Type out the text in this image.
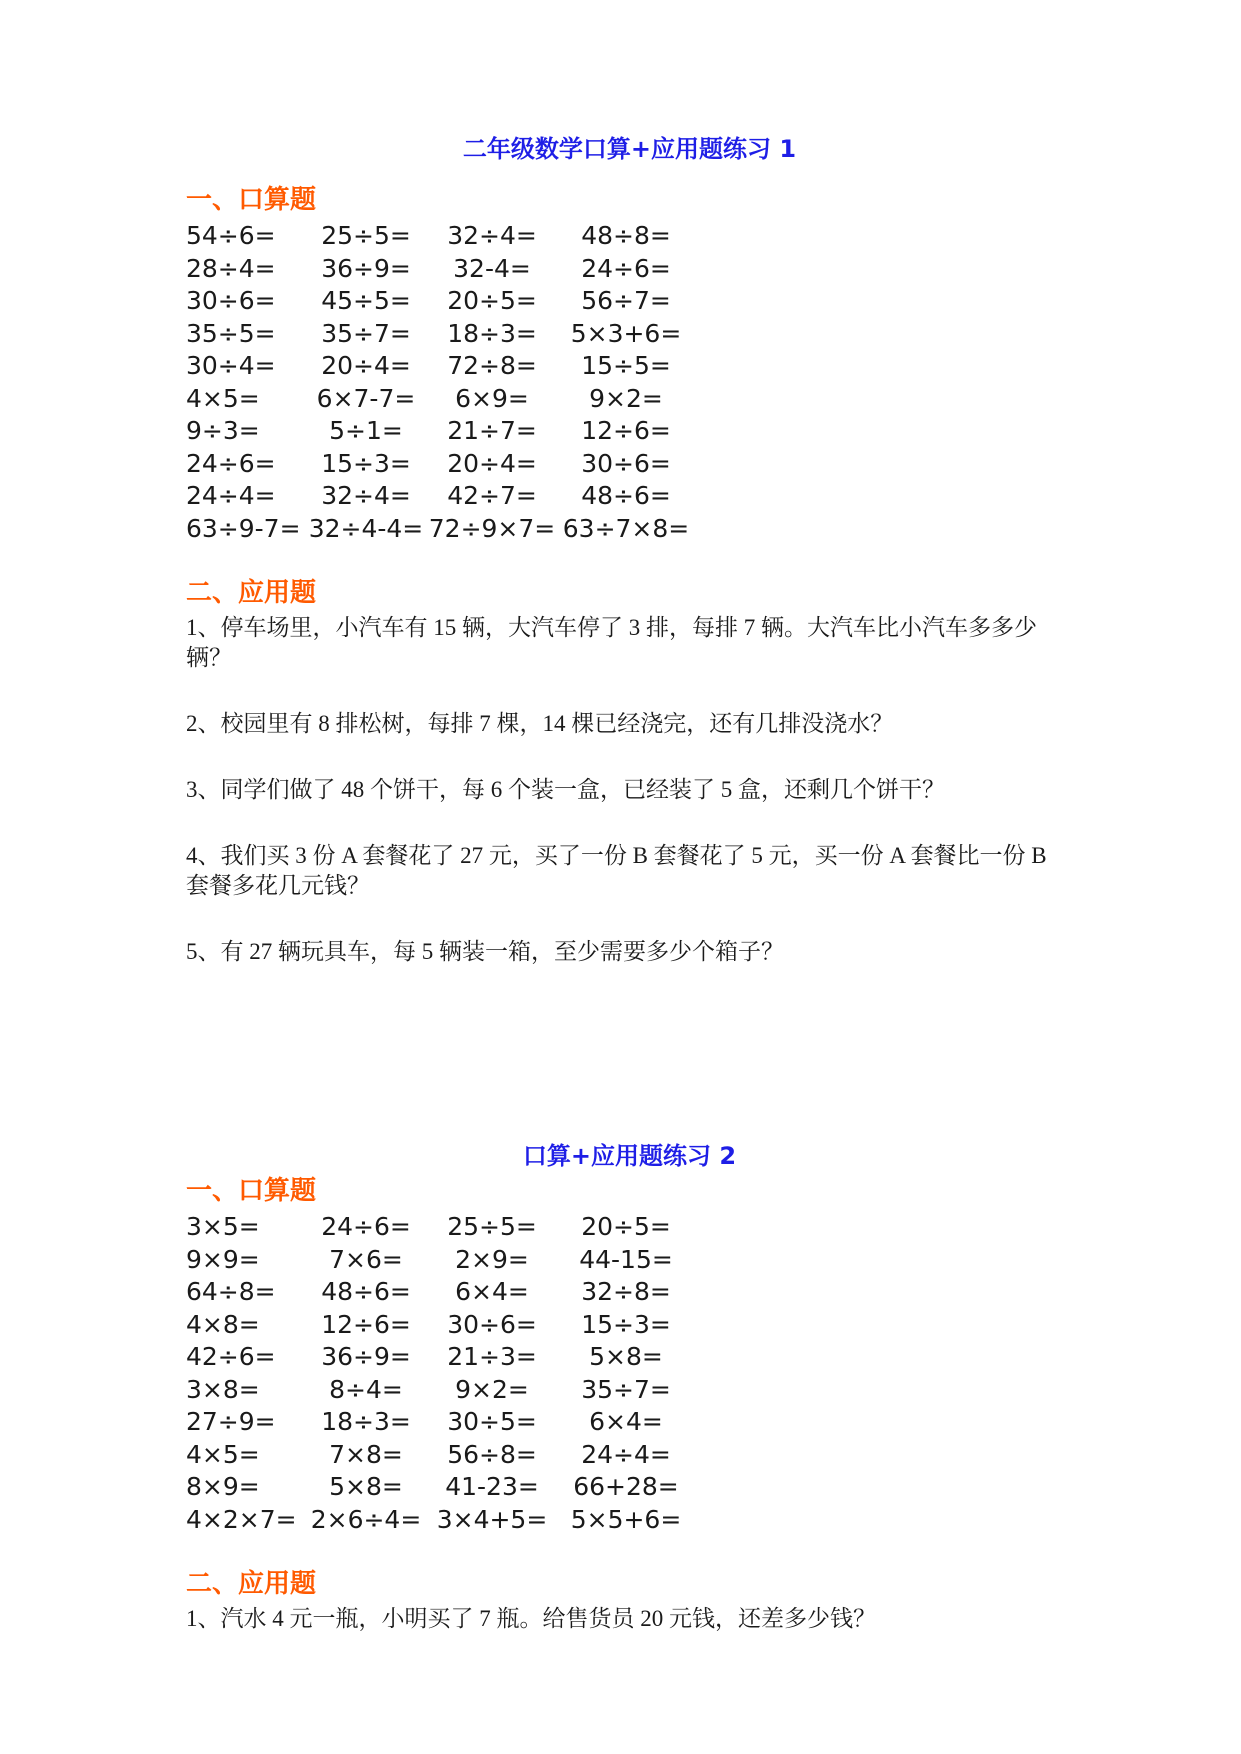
二年级数学口算+应用题练习 1
一、口算题
54÷6=	25÷5=	32÷4=	48÷8=
28÷4=	36÷9=	32-4=	24÷6=
30÷6=	45÷5=	20÷5=	56÷7=
35÷5=	35÷7=	18÷3=	5×3+6=
30÷4=	20÷4=	72÷8=	15÷5=
4×5=	6×7-7=	6×9=	9×2=
9÷3=	5÷1=	21÷7=	12÷6=
24÷6=	15÷3=	20÷4=	30÷6=
24÷4=	32÷4=	42÷7=	48÷6=
63÷9-7= 32÷4-4= 72÷9×7= 63÷7×8=
二、应用题

1、停车场里，小汽车有 15 辆，大汽车停了 3 排，每排 7 辆。大汽车比小汽车多多少辆？

2、校园里有 8 排松树，每排 7 棵，14 棵已经浇完，还有几排没浇水？

3、同学们做了 48 个饼干，每 6 个装一盒，已经装了 5 盒，还剩几个饼干？

4、我们买 3 份 A 套餐花了 27 元，买了一份 B 套餐花了 5 元，买一份 A 套餐比一份 B 套餐多花几元钱？

5、有 27 辆玩具车，每 5 辆装一箱，至少需要多少个箱子？

口算+应用题练习 2
一、口算题
3×5=	24÷6=	25÷5=	20÷5=
9×9=	7×6=	2×9=	44-15=
64÷8=	48÷6=	6×4=	32÷8=
4×8=	12÷6=	30÷6=	15÷3=
42÷6=	36÷9=	21÷3=	5×8=
3×8=	8÷4=	9×2=	35÷7=
27÷9=	18÷3=	30÷5=	6×4=
4×5=	7×8=	56÷8=	24÷4=
8×9=	5×8=	41-23=	66+28=
4×2×7= 2×6÷4= 3×4+5= 5×5+6=
二、应用题

1、汽水 4 元一瓶，小明买了 7 瓶。给售货员 20 元钱，还差多少钱？
